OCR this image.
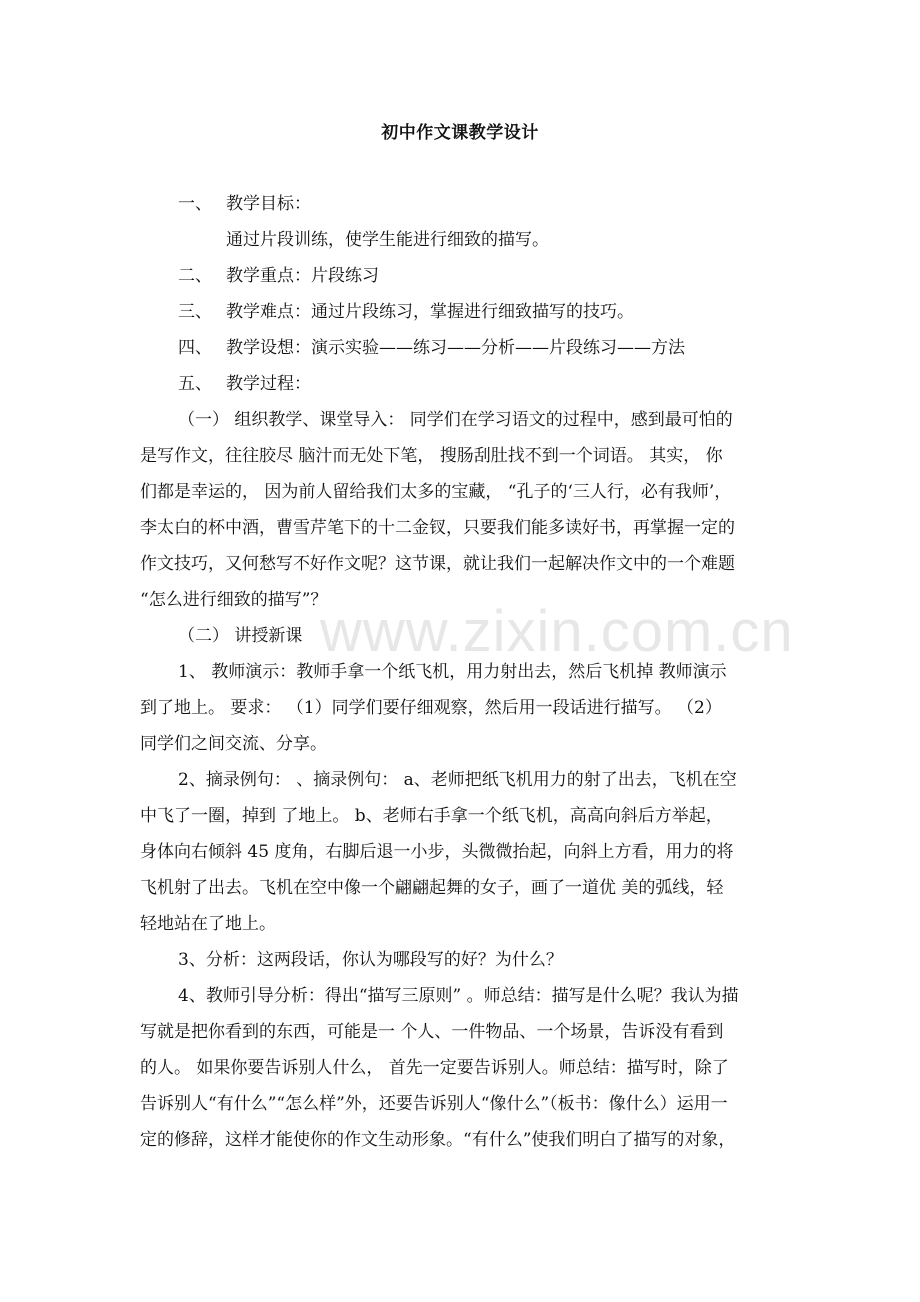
初中作文课教学设计
一、 教学目标：
通过片段训练，使学生能进行细致的描写。
二、 教学重点：片段练习
三、 教学难点：通过片段练习，掌握进行细致描写的技巧。
四、 教学设想：演示实验——练习——分析——片段练习——方法
五、 教学过程：
（一） 组织教学、课堂导入： 同学们在学习语文的过程中，感到最可怕的
是写作文，往往胶尽 脑汁而无处下笔， 搜肠刮肚找不到一个词语。 其实， 你
们都是幸运的， 因为前人留给我们太多的宝藏， “孔子的‘三人行，必有我师’，
李太白的杯中酒，曹雪芹笔下的十二金钗，只要我们能多读好书，再掌握一定的
作文技巧，又何愁写不好作文呢？这节课，就让我们一起解决作文中的一个难题
“怎么进行细致的描写”？
www.zixin.com.cn
（二） 讲授新课
1、 教师演示：教师手拿一个纸飞机，用力射出去，然后飞机掉 教师演示
到了地上。 要求： （1）同学们要仔细观察，然后用一段话进行描写。 （2）
同学们之间交流、分享。
2、摘录例句： 、摘录例句： a、老师把纸飞机用力的射了出去，飞机在空
中飞了一圈，掉到 了地上。 b、老师右手拿一个纸飞机，高高向斜后方举起，
身体向右倾斜 45 度角，右脚后退一小步，头微微抬起，向斜上方看，用力的将
飞机射了出去。飞机在空中像一个翩翩起舞的女子，画了一道优 美的弧线，轻
轻地站在了地上。
3、分析：这两段话，你认为哪段写的好？为什么？
4、教师引导分析：得出“描写三原则” 。师总结：描写是什么呢？我认为描
写就是把你看到的东西，可能是一 个人、一件物品、一个场景，告诉没有看到
的人。 如果你要告诉别人什么， 首先一定要告诉别人。师总结：描写时，除了
告诉别人“有什么”“怎么样”外，还要告诉别人“像什么”（板书：像什么）运用一
定的修辞，这样才能使你的作文生动形象。“有什么”使我们明白了描写的对象，
